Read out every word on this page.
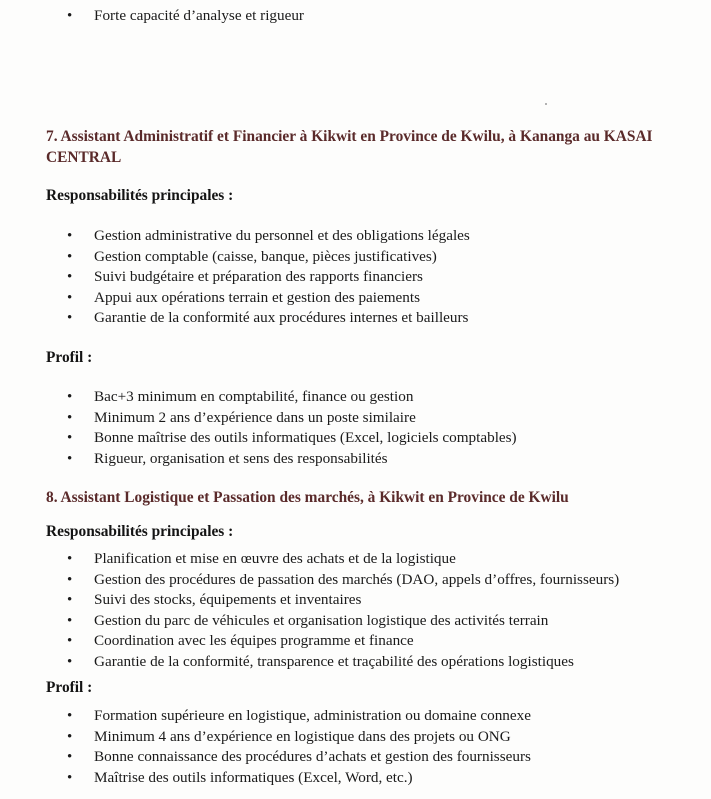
• Forte capacité d’analyse et rigueur
7. Assistant Administratif et Financier à Kikwit en Province de Kwilu, à Kananga au KASAI
CENTRAL
Responsabilités principales :
• Gestion administrative du personnel et des obligations légales
• Gestion comptable (caisse, banque, pièces justificatives)
• Suivi budgétaire et préparation des rapports financiers
• Appui aux opérations terrain et gestion des paiements
• Garantie de la conformité aux procédures internes et bailleurs
Profil :
• Bac+3 minimum en comptabilité, finance ou gestion
• Minimum 2 ans d’expérience dans un poste similaire
• Bonne maîtrise des outils informatiques (Excel, logiciels comptables)
• Rigueur, organisation et sens des responsabilités
8. Assistant Logistique et Passation des marchés, à Kikwit en Province de Kwilu
Responsabilités principales :
• Planification et mise en œuvre des achats et de la logistique
• Gestion des procédures de passation des marchés (DAO, appels d’offres, fournisseurs)
• Suivi des stocks, équipements et inventaires
• Gestion du parc de véhicules et organisation logistique des activités terrain
• Coordination avec les équipes programme et finance
• Garantie de la conformité, transparence et traçabilité des opérations logistiques
Profil :
• Formation supérieure en logistique, administration ou domaine connexe
• Minimum 4 ans d’expérience en logistique dans des projets ou ONG
• Bonne connaissance des procédures d’achats et gestion des fournisseurs
• Maîtrise des outils informatiques (Excel, Word, etc.)
